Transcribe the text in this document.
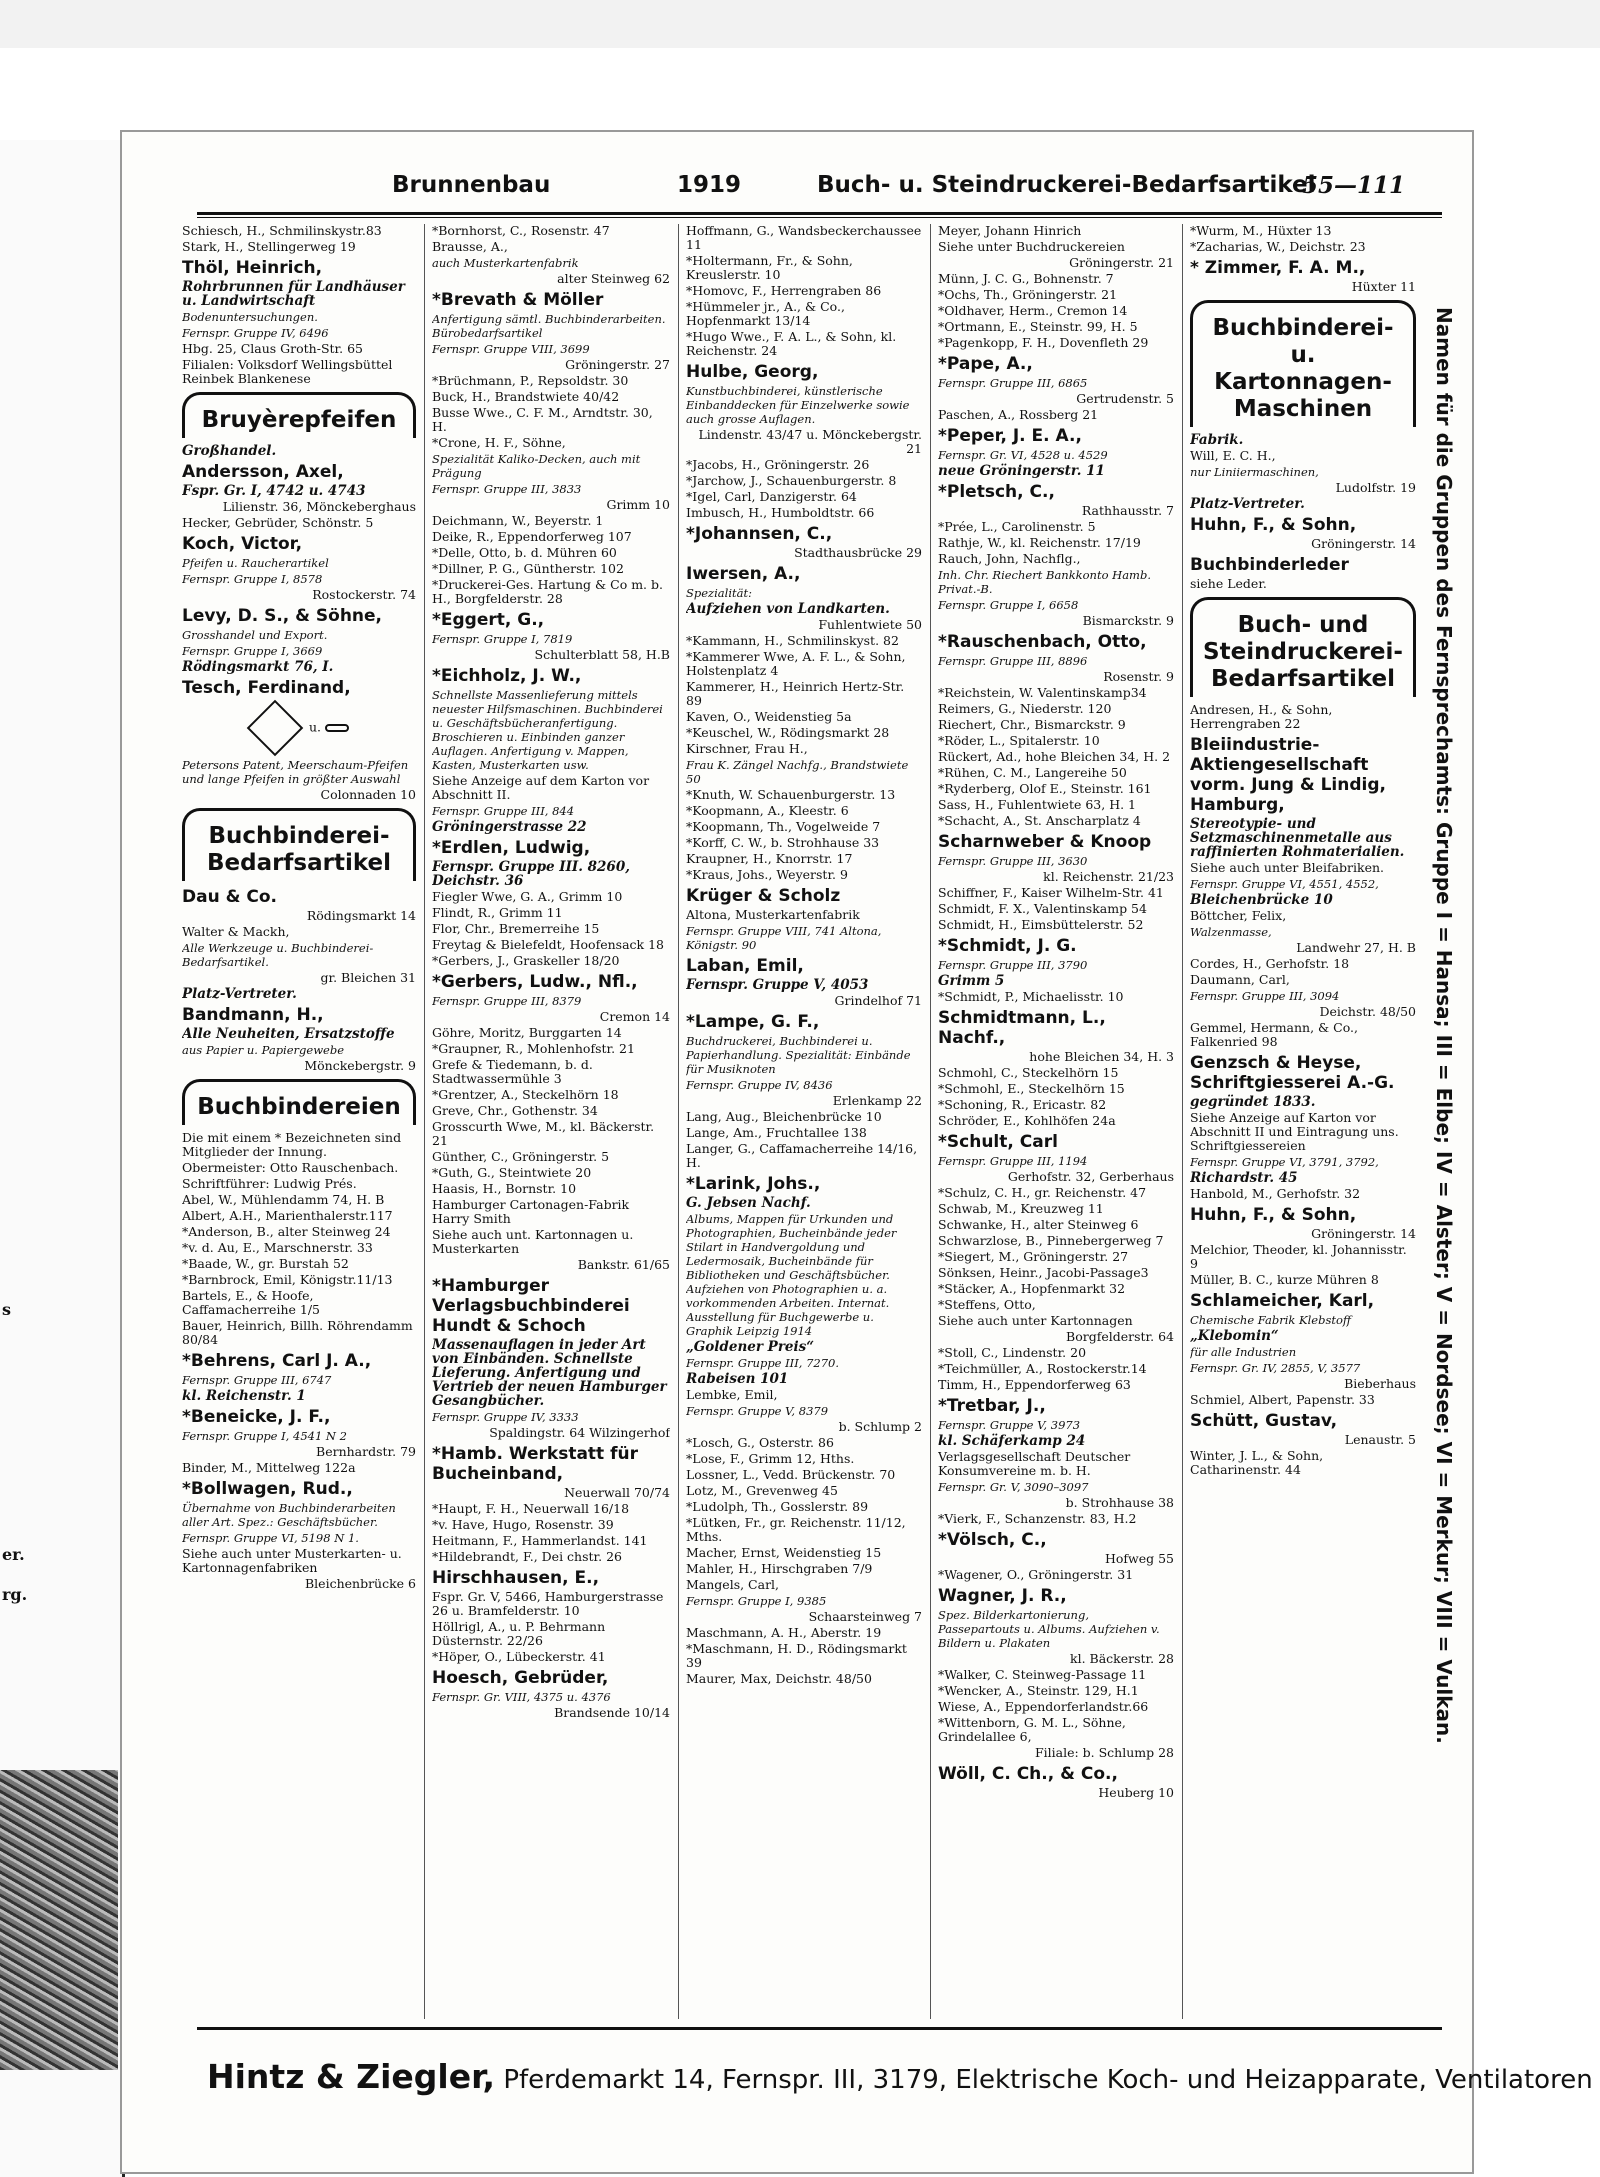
er.
rg.
s
Brunnenbau	1919	Buch- u. Steindruckerei-Bedarfsartikel
55—111

Schiesch, H., Schmilinskystr.83

Stark, H., Stellingerweg 19

Thöl, Heinrich,

Rohrbrunnen für Landhäuser u. Landwirtschaft

Bodenuntersuchungen.

Fernspr. Gruppe IV, 6496

Hbg. 25, Claus Groth-Str. 65

Filialen: Volksdorf Wellingsbüttel Reinbek Blankenese

Bruyèrepfeifen

Großhandel.

Andersson, Axel,

Fspr. Gr. I, 4742 u. 4743

Lilienstr. 36, Mönckeberghaus

Hecker, Gebrüder, Schönstr. 5

Koch, Victor,

Pfeifen u. Raucherartikel

Fernspr. Gruppe I, 8578

Rostockerstr. 74

Levy, D. S., & Söhne,

Grosshandel und Export.

Fernspr. Gruppe I, 3669

Rödingsmarkt 76, I.

Tesch, Ferdinand,

u.

Petersons Patent, Meerschaum-Pfeifen und lange Pfeifen in größter Auswahl

Colonnaden 10

Buchbinderei-Bedarfsartikel

Dau & Co.

Rödingsmarkt 14

Walter & Mackh,

Alle Werkzeuge u. Buchbinderei-Bedarfsartikel.

gr. Bleichen 31

Platz-Vertreter.

Bandmann, H.,

Alle Neuheiten, Ersatzstoffe

aus Papier u. Papiergewebe

Mönckebergstr. 9

Buchbindereien

Die mit einem * Bezeichneten sind Mitglieder der Innung.

Obermeister: Otto Rauschenbach.

Schriftführer: Ludwig Prés.

Abel, W., Mühlendamm 74, H. B

Albert, A.H., Marienthalerstr.117

*Anderson, B., alter Steinweg 24

*v. d. Au, E., Marschnerstr. 33

*Baade, W., gr. Burstah 52

*Barnbrock, Emil, Königstr.11/13

Bartels, E., & Hoofe, Caffamacherreihe 1/5

Bauer, Heinrich, Billh. Röhrendamm 80/84

*Behrens, Carl J. A.,

Fernspr. Gruppe III, 6747

kl. Reichenstr. 1

*Beneicke, J. F.,

Fernspr. Gruppe I, 4541 N 2

Bernhardstr. 79

Binder, M., Mittelweg 122a

*Bollwagen, Rud.,

Übernahme von Buchbinderarbeiten aller Art. Spez.: Geschäftsbücher.

Fernspr. Gruppe VI, 5198 N 1.

Siehe auch unter Musterkarten- u. Kartonnagenfabriken

Bleichenbrücke 6

*Bornhorst, C., Rosenstr. 47

Brausse, A.,

auch Musterkartenfabrik

alter Steinweg 62

*Brevath & Möller

Anfertigung sämtl. Buchbinderarbeiten. Bürobedarfsartikel

Fernspr. Gruppe VIII, 3699

Gröningerstr. 27

*Brüchmann, P., Repsoldstr. 30

Buck, H., Brandstwiete 40/42

Busse Wwe., C. F. M., Arndtstr. 30, H.

*Crone, H. F., Söhne,

Spezialität Kaliko-Decken, auch mit Prägung

Fernspr. Gruppe III, 3833

Grimm 10

Deichmann, W., Beyerstr. 1

Deike, R., Eppendorferweg 107

*Delle, Otto, b. d. Mühren 60

*Dillner, P. G., Güntherstr. 102

*Druckerei-Ges. Hartung & Co m. b. H., Borgfelderstr. 28

*Eggert, G.,

Fernspr. Gruppe I, 7819

Schulterblatt 58, H.B

*Eichholz, J. W.,

Schnellste Massenlieferung mittels neuester Hilfsmaschinen. Buchbinderei u. Geschäftsbücheranfertigung. Broschieren u. Einbinden ganzer Auflagen. Anfertigung v. Mappen, Kasten, Musterkarten usw.

Siehe Anzeige auf dem Karton vor Abschnitt II.

Fernspr. Gruppe III, 844

Gröningerstrasse 22

*Erdlen, Ludwig,

Fernspr. Gruppe III. 8260, Deichstr. 36

Fiegler Wwe, G. A., Grimm 10

Flindt, R., Grimm 11

Flor, Chr., Bremerreihe 15

Freytag & Bielefeldt, Hoofensack 18

*Gerbers, J., Graskeller 18/20

*Gerbers, Ludw., Nfl.,

Fernspr. Gruppe III, 8379

Cremon 14

Göhre, Moritz, Burggarten 14

*Graupner, R., Mohlenhofstr. 21

Grefe & Tiedemann, b. d. Stadtwassermühle 3

*Grentzer, A., Steckelhörn 18

Greve, Chr., Gothenstr. 34

Grosscurth Wwe, M., kl. Bäckerstr. 21

Günther, C., Gröningerstr. 5

*Guth, G., Steintwiete 20

Haasis, H., Bornstr. 10

Hamburger Cartonagen-Fabrik Harry Smith

Siehe auch unt. Kartonnagen u. Musterkarten

Bankstr. 61/65

*Hamburger Verlagsbuchbinderei Hundt & Schoch

Massenauflagen in jeder Art von Einbänden. Schnellste Lieferung. Anfertigung und Vertrieb der neuen Hamburger Gesangbücher.

Fernspr. Gruppe IV, 3333

Spaldingstr. 64 Wilzingerhof

*Hamb. Werkstatt für Bucheinband,

Neuerwall 70/74

*Haupt, F. H., Neuerwall 16/18

*v. Have, Hugo, Rosenstr. 39

Heitmann, F., Hammerlandst. 141

*Hildebrandt, F., Dei chstr. 26

Hirschhausen, E.,

Fspr. Gr. V, 5466, Hamburgerstrasse 26 u. Bramfelderstr. 10

Höllrigl, A., u. P. Behrmann Düsternstr. 22/26

*Höper, O., Lübeckerstr. 41

Hoesch, Gebrüder,

Fernspr. Gr. VIII, 4375 u. 4376

Brandsende 10/14

Hoffmann, G., Wandsbeckerchaussee 11

*Holtermann, Fr., & Sohn, Kreuslerstr. 10

*Homovc, F., Herrengraben 86

*Hümmeler jr., A., & Co., Hopfenmarkt 13/14

*Hugo Wwe., F. A. L., & Sohn, kl. Reichenstr. 24

Hulbe, Georg,

Kunstbuchbinderei, künstlerische Einbanddecken für Einzelwerke sowie auch grosse Auflagen.

Lindenstr. 43/47 u. Mönckebergstr. 21

*Jacobs, H., Gröningerstr. 26

*Jarchow, J., Schauenburgerstr. 8

*Igel, Carl, Danzigerstr. 64

Imbusch, H., Humboldtstr. 66

*Johannsen, C.,

Stadthausbrücke 29

Iwersen, A.,

Spezialität:

Aufziehen von Landkarten.

Fuhlentwiete 50

*Kammann, H., Schmilinskyst. 82

*Kammerer Wwe, A. F. L., & Sohn, Holstenplatz 4

Kammerer, H., Heinrich Hertz-Str. 89

Kaven, O., Weidenstieg 5a

*Keuschel, W., Rödingsmarkt 28

Kirschner, Frau H.,

Frau K. Zängel Nachfg., Brandstwiete 50

*Knuth, W. Schauenburgerstr. 13

*Koopmann, A., Kleestr. 6

*Koopmann, Th., Vogelweide 7

*Korff, C. W., b. Strohhause 33

Kraupner, H., Knorrstr. 17

*Kraus, Johs., Weyerstr. 9

Krüger & Scholz

Altona, Musterkartenfabrik

Fernspr. Gruppe VIII, 741 Altona, Königstr. 90

Laban, Emil,

Fernspr. Gruppe V, 4053

Grindelhof 71

*Lampe, G. F.,

Buchdruckerei, Buchbinderei u. Papierhandlung. Spezialität: Einbände für Musiknoten

Fernspr. Gruppe IV, 8436

Erlenkamp 22

Lang, Aug., Bleichenbrücke 10

Lange, Am., Fruchtallee 138

Langer, G., Caffamacherreihe 14/16, H.

*Larink, Johs.,

G. Jebsen Nachf.

Albums, Mappen für Urkunden und Photographien, Bucheinbände jeder Stilart in Handvergoldung und Ledermosaik, Bucheinbände für Bibliotheken und Geschäftsbücher. Aufziehen von Photographien u. a. vorkommenden Arbeiten. Internat. Ausstellung für Buchgewerbe u. Graphik Leipzig 1914

„Goldener Preis“

Fernspr. Gruppe III, 7270.

Rabeisen 101

Lembke, Emil,

Fernspr. Gruppe V, 8379

b. Schlump 2

*Losch, G., Osterstr. 86

*Lose, F., Grimm 12, Hths.

Lossner, L., Vedd. Brückenstr. 70

Lotz, M., Grevenweg 45

*Ludolph, Th., Gosslerstr. 89

*Lütken, Fr., gr. Reichenstr. 11/12, Mths.

Macher, Ernst, Weidenstieg 15

Mahler, H., Hirschgraben 7/9

Mangels, Carl,

Fernspr. Gruppe I, 9385

Schaarsteinweg 7

Maschmann, A. H., Aberstr. 19

*Maschmann, H. D., Rödingsmarkt 39

Maurer, Max, Deichstr. 48/50

Meyer, Johann Hinrich

Siehe unter Buchdruckereien

Gröningerstr. 21

Münn, J. C. G., Bohnenstr. 7

*Ochs, Th., Gröningerstr. 21

*Oldhaver, Herm., Cremon 14

*Ortmann, E., Steinstr. 99, H. 5

*Pagenkopp, F. H., Dovenfleth 29

*Pape, A.,

Fernspr. Gruppe III, 6865

Gertrudenstr. 5

Paschen, A., Rossberg 21

*Peper, J. E. A.,

Fernspr. Gr. VI, 4528 u. 4529

neue Gröningerstr. 11

*Pletsch, C.,

Rathhausstr. 7

*Prée, L., Carolinenstr. 5

Rathje, W., kl. Reichenstr. 17/19

Rauch, John, Nachflg.,

Inh. Chr. Riechert Bankkonto Hamb. Privat.-B.

Fernspr. Gruppe I, 6658

Bismarckstr. 9

*Rauschenbach, Otto,

Fernspr. Gruppe III, 8896

Rosenstr. 9

*Reichstein, W. Valentinskamp34

Reimers, G., Niederstr. 120

Riechert, Chr., Bismarckstr. 9

*Röder, L., Spitalerstr. 10

Rückert, Ad., hohe Bleichen 34, H. 2

*Rühen, C. M., Langereihe 50

*Ryderberg, Olof E., Steinstr. 161

Sass, H., Fuhlentwiete 63, H. 1

*Schacht, A., St. Anscharplatz 4

Scharnweber & Knoop

Fernspr. Gruppe III, 3630

kl. Reichenstr. 21/23

Schiffner, F., Kaiser Wilhelm-Str. 41

Schmidt, F. X., Valentinskamp 54

Schmidt, H., Eimsbüttelerstr. 52

*Schmidt, J. G.

Fernspr. Gruppe III, 3790

Grimm 5

*Schmidt, P., Michaelisstr. 10

Schmidtmann, L., Nachf.,

hohe Bleichen 34, H. 3

Schmohl, C., Steckelhörn 15

*Schmohl, E., Steckelhörn 15

*Schoning, R., Ericastr. 82

Schröder, E., Kohlhöfen 24a

*Schult, Carl

Fernspr. Gruppe III, 1194

Gerhofstr. 32, Gerberhaus

*Schulz, C. H., gr. Reichenstr. 47

Schwab, M., Kreuzweg 11

Schwanke, H., alter Steinweg 6

Schwarzlose, B., Pinnebergerweg 7

*Siegert, M., Gröningerstr. 27

Sönksen, Heinr., Jacobi-Passage3

*Stäcker, A., Hopfenmarkt 32

*Steffens, Otto,

Siehe auch unter Kartonnagen

Borgfelderstr. 64

*Stoll, C., Lindenstr. 20

*Teichmüller, A., Rostockerstr.14

Timm, H., Eppendorferweg 63

*Tretbar, J.,

Fernspr. Gruppe V, 3973

kl. Schäferkamp 24

Verlagsgesellschaft Deutscher Konsumvereine m. b. H.

Fernspr. Gr. V, 3090–3097

b. Strohhause 38

*Vierk, F., Schanzenstr. 83, H.2

*Völsch, C.,

Hofweg 55

*Wagener, O., Gröningerstr. 31

Wagner, J. R.,

Spez. Bilderkartonierung, Passepartouts u. Albums. Aufziehen v. Bildern u. Plakaten

kl. Bäckerstr. 28

*Walker, C. Steinweg-Passage 11

*Wencker, A., Steinstr. 129, H.1

Wiese, A., Eppendorferlandstr.66

*Wittenborn, G. M. L., Söhne, Grindelallee 6,

Filiale: b. Schlump 28

Wöll, C. Ch., & Co.,

Heuberg 10

*Wurm, M., Hüxter 13

*Zacharias, W., Deichstr. 23

* Zimmer, F. A. M.,

Hüxter 11

Buchbinderei- u. Kartonnagen-Maschinen

Fabrik.

Will, E. C. H.,

nur Liniiermaschinen,

Ludolfstr. 19

Platz-Vertreter.

Huhn, F., & Sohn,

Gröningerstr. 14

Buchbinderleder

siehe Leder.

Buch- und Steindruckerei-Bedarfsartikel

Andresen, H., & Sohn, Herrengraben 22

Bleiindustrie-Aktiengesellschaft vorm. Jung & Lindig, Hamburg,

Stereotypie- und Setzmaschinenmetalle aus raffinierten Rohmaterialien.

Siehe auch unter Bleifabriken.

Fernspr. Gruppe VI, 4551, 4552,

Bleichenbrücke 10

Böttcher, Felix,

Walzenmasse,

Landwehr 27, H. B

Cordes, H., Gerhofstr. 18

Daumann, Carl,

Fernspr. Gruppe III, 3094

Deichstr. 48/50

Gemmel, Hermann, & Co., Falkenried 98

Genzsch & Heyse, Schriftgiesserei A.-G.

gegründet 1833.

Siehe Anzeige auf Karton vor Abschnitt II und Eintragung uns. Schriftgiessereien

Fernspr. Gruppe VI, 3791, 3792,

Richardstr. 45

Hanbold, M., Gerhofstr. 32

Huhn, F., & Sohn,

Gröningerstr. 14

Melchior, Theoder, kl. Johannisstr. 9

Müller, B. C., kurze Mühren 8

Schlameicher, Karl,

Chemische Fabrik Klebstoff

„Klebomin“

für alle Industrien

Fernspr. Gr. IV, 2855, V, 3577

Bieberhaus

Schmiel, Albert, Papenstr. 33

Schütt, Gustav,

Lenaustr. 5

Winter, J. L., & Sohn, Catharinenstr. 44	Namen für die Gruppen des Fernsprechamts: Gruppe I = Hansa; III = Elbe; IV = Alster; V = Nordsee; VI = Merkur; VIII = Vulkan.
Hintz & Ziegler, Pferdemarkt 14, Fernspr. III, 3179, Elektrische Koch- und Heizapparate, Ventilatoren
